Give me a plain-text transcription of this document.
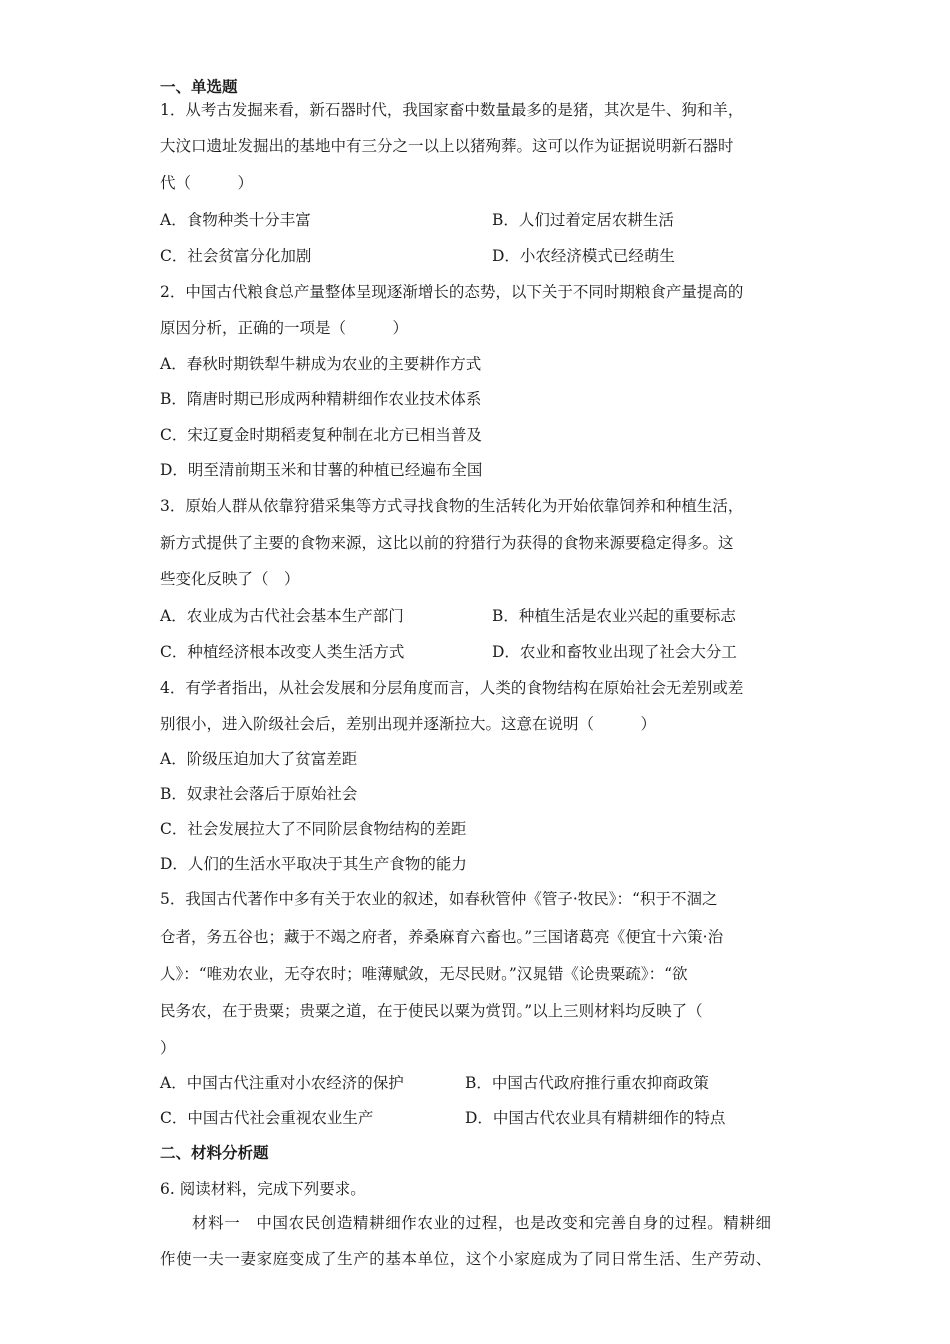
一、单选题

1．从考古发掘来看，新石器时代，我国家畜中数量最多的是猪，其次是牛、狗和羊，

大汶口遗址发掘出的基地中有三分之一以上以猪殉葬。这可以作为证据说明新石器时

代（　　　）

A．食物种类十分丰富	B．人们过着定居农耕生活

C．社会贫富分化加剧	D．小农经济模式已经萌生

2．中国古代粮食总产量整体呈现逐渐增长的态势，以下关于不同时期粮食产量提高的

原因分析，正确的一项是（　　　）

A．春秋时期铁犁牛耕成为农业的主要耕作方式

B．隋唐时期已形成两种精耕细作农业技术体系

C．宋辽夏金时期稻麦复种制在北方已相当普及

D．明至清前期玉米和甘薯的种植已经遍布全国

3．原始人群从依靠狩猎采集等方式寻找食物的生活转化为开始依靠饲养和种植生活，

新方式提供了主要的食物来源，这比以前的狩猎行为获得的食物来源要稳定得多。这

些变化反映了（　）

A．农业成为古代社会基本生产部门	B．种植生活是农业兴起的重要标志

C．种植经济根本改变人类生活方式	D．农业和畜牧业出现了社会大分工

4．有学者指出，从社会发展和分层角度而言，人类的食物结构在原始社会无差别或差

别很小，进入阶级社会后，差别出现并逐渐拉大。这意在说明（　　　）

A．阶级压迫加大了贫富差距

B．奴隶社会落后于原始社会

C．社会发展拉大了不同阶层食物结构的差距

D．人们的生活水平取决于其生产食物的能力

5．我国古代著作中多有关于农业的叙述，如春秋管仲《管子·牧民》：“积于不涸之

仓者，务五谷也；藏于不竭之府者，养桑麻育六畜也。”三国诸葛亮《便宜十六策·治

人》：“唯劝农业，无夺农时；唯薄赋敛，无尽民财。”汉晁错《论贵粟疏》：“欲

民务农，在于贵粟；贵粟之道，在于使民以粟为赏罚。”以上三则材料均反映了（

）

A．中国古代注重对小农经济的保护	B．中国古代政府推行重农抑商政策

C．中国古代社会重视农业生产	D．中国古代农业具有精耕细作的特点

二、材料分析题

6. 阅读材料，完成下列要求。

材料一　中国农民创造精耕细作农业的过程，也是改变和完善自身的过程。精耕细

作使一夫一妻家庭变成了生产的基本单位，这个小家庭成为了同日常生活、生产劳动、
